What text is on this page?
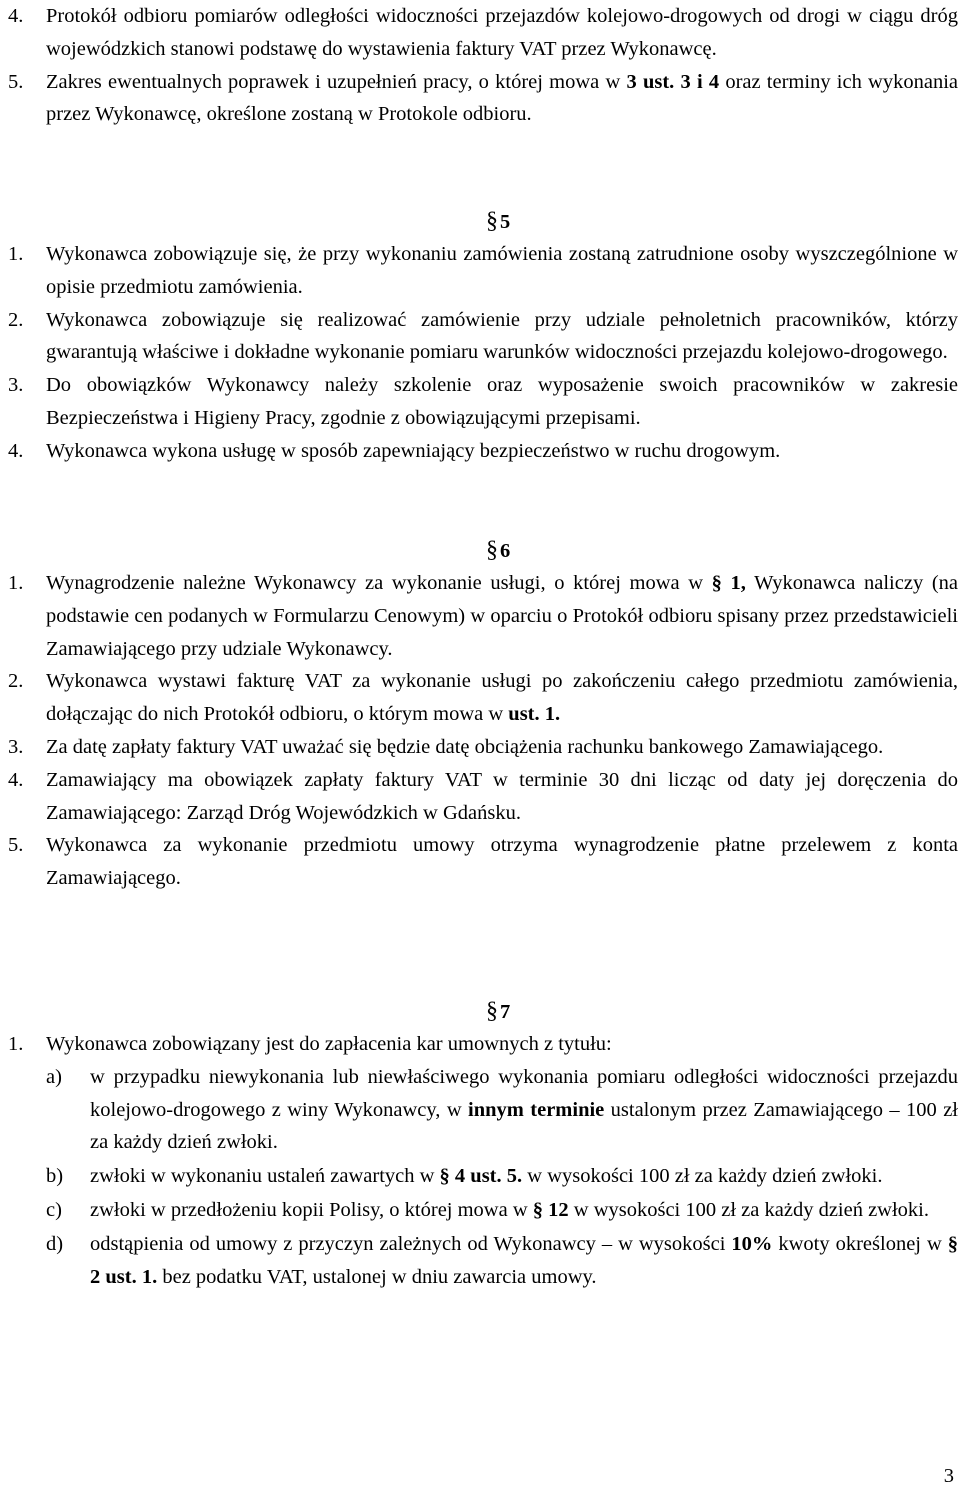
4. Protokół odbioru pomiarów odległości widoczności przejazdów kolejowo-drogowych od drogi w ciągu dróg wojewódzkich stanowi podstawę do wystawienia faktury VAT przez Wykonawcę.
5. Zakres ewentualnych poprawek i uzupełnień pracy, o której mowa w 3 ust. 3 i 4 oraz terminy ich wykonania przez Wykonawcę, określone zostaną w Protokole odbioru.
§5
1. Wykonawca zobowiązuje się, że przy wykonaniu zamówienia zostaną zatrudnione osoby wyszczególnione w opisie przedmiotu zamówienia.
2. Wykonawca zobowiązuje się realizować zamówienie przy udziale pełnoletnich pracowników, którzy gwarantują właściwe i dokładne wykonanie pomiaru warunków widoczności przejazdu kolejowo-drogowego.
3. Do obowiązków Wykonawcy należy szkolenie oraz wyposażenie swoich pracowników w zakresie Bezpieczeństwa i Higieny Pracy, zgodnie z obowiązującymi przepisami.
4. Wykonawca wykona usługę w sposób zapewniający bezpieczeństwo w ruchu drogowym.
§6
1. Wynagrodzenie należne Wykonawcy za wykonanie usługi, o której mowa w § 1, Wykonawca naliczy (na podstawie cen podanych w Formularzu Cenowym) w oparciu o Protokół odbioru spisany przez przedstawicieli Zamawiającego przy udziale Wykonawcy.
2. Wykonawca wystawi fakturę VAT za wykonanie usługi po zakończeniu całego przedmiotu zamówienia, dołączając do nich Protokół odbioru, o którym mowa w ust. 1.
3. Za datę zapłaty faktury VAT uważać się będzie datę obciążenia rachunku bankowego Zamawiającego.
4. Zamawiający ma obowiązek zapłaty faktury VAT w terminie 30 dni licząc od daty jej doręczenia do Zamawiającego: Zarząd Dróg Wojewódzkich w Gdańsku.
5. Wykonawca za wykonanie przedmiotu umowy otrzyma wynagrodzenie płatne przelewem z konta Zamawiającego.
§7
1. Wykonawca zobowiązany jest do zapłacenia kar umownych z tytułu:
a) w przypadku niewykonania lub niewłaściwego wykonania pomiaru odległości widoczności przejazdu kolejowo-drogowego z winy Wykonawcy, w innym terminie ustalonym przez Zamawiającego – 100 zł za każdy dzień zwłoki.
b) zwłoki w wykonaniu ustaleń zawartych w § 4 ust. 5. w wysokości 100 zł za każdy dzień zwłoki.
c) zwłoki w przedłożeniu kopii Polisy, o której mowa w § 12 w wysokości 100 zł za każdy dzień zwłoki.
d) odstąpienia od umowy z przyczyn zależnych od Wykonawcy – w wysokości 10% kwoty określonej w § 2 ust. 1. bez podatku VAT, ustalonej w dniu zawarcia umowy.
3
